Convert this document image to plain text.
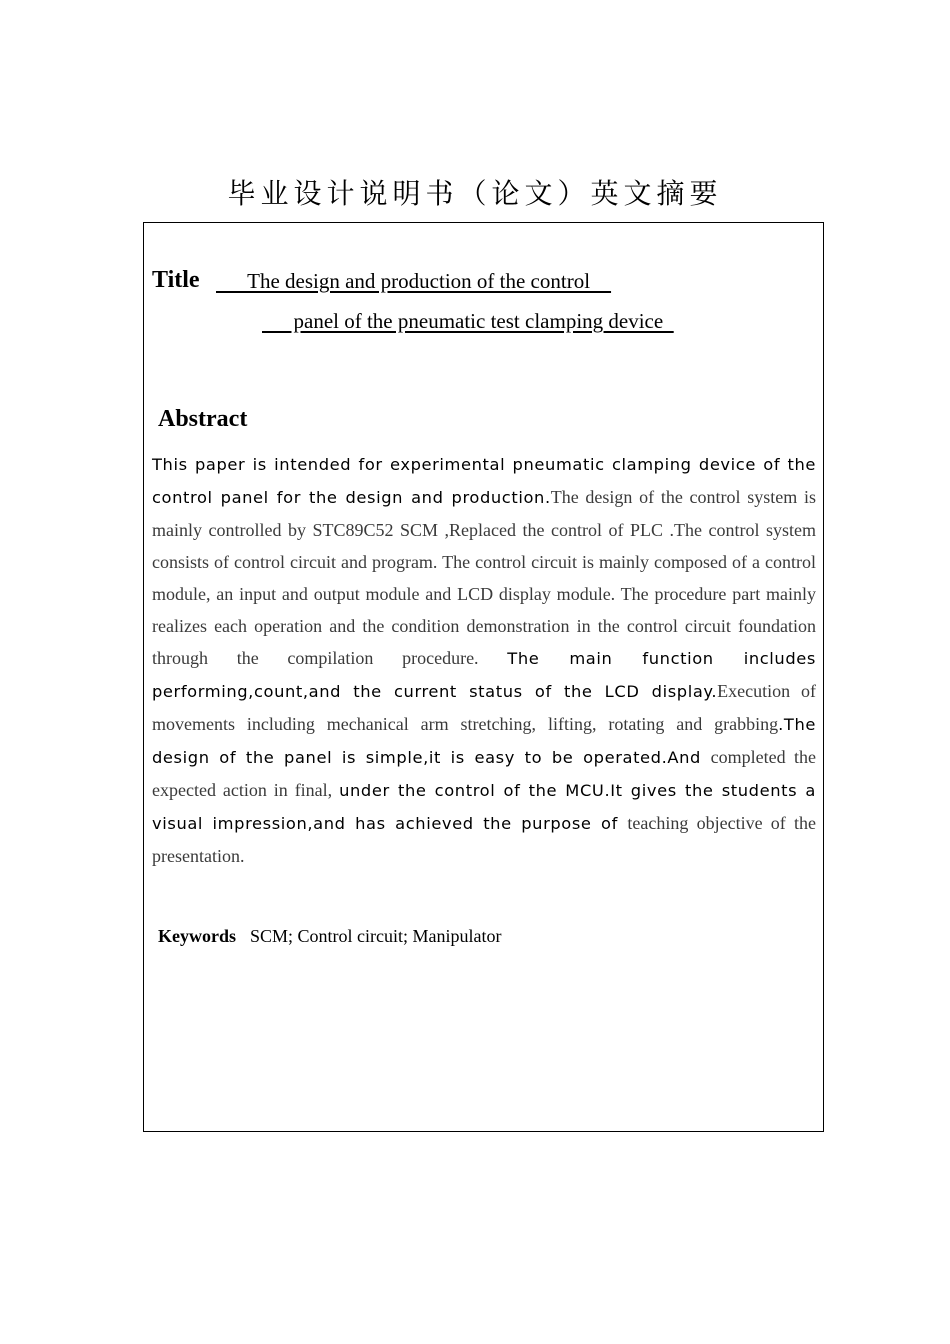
毕业设计说明书（论文）英文摘要
Title The design and production of the control
panel of the pneumatic test clamping device
Abstract
This paper is intended for experimental pneumatic clamping device of the control panel for the design and production.The design of the control system is mainly controlled by STC89C52 SCM ,Replaced the control of PLC .The control system consists of control circuit and program. The control circuit is mainly composed of a control module, an input and output module and LCD display module. The procedure part mainly realizes each operation and the condition demonstration in the control circuit foundation through the compilation procedure. The main function includes performing,count,and the current status of the LCD display.Execution of movements including mechanical arm stretching, lifting, rotating and grabbing.The design of the panel is simple,it is easy to be operated.And completed the expected action in final, under the control of the MCU.It gives the students a visual impression,and has achieved the purpose of teaching objective of the presentation.
Keywords SCM; Control circuit; Manipulator
